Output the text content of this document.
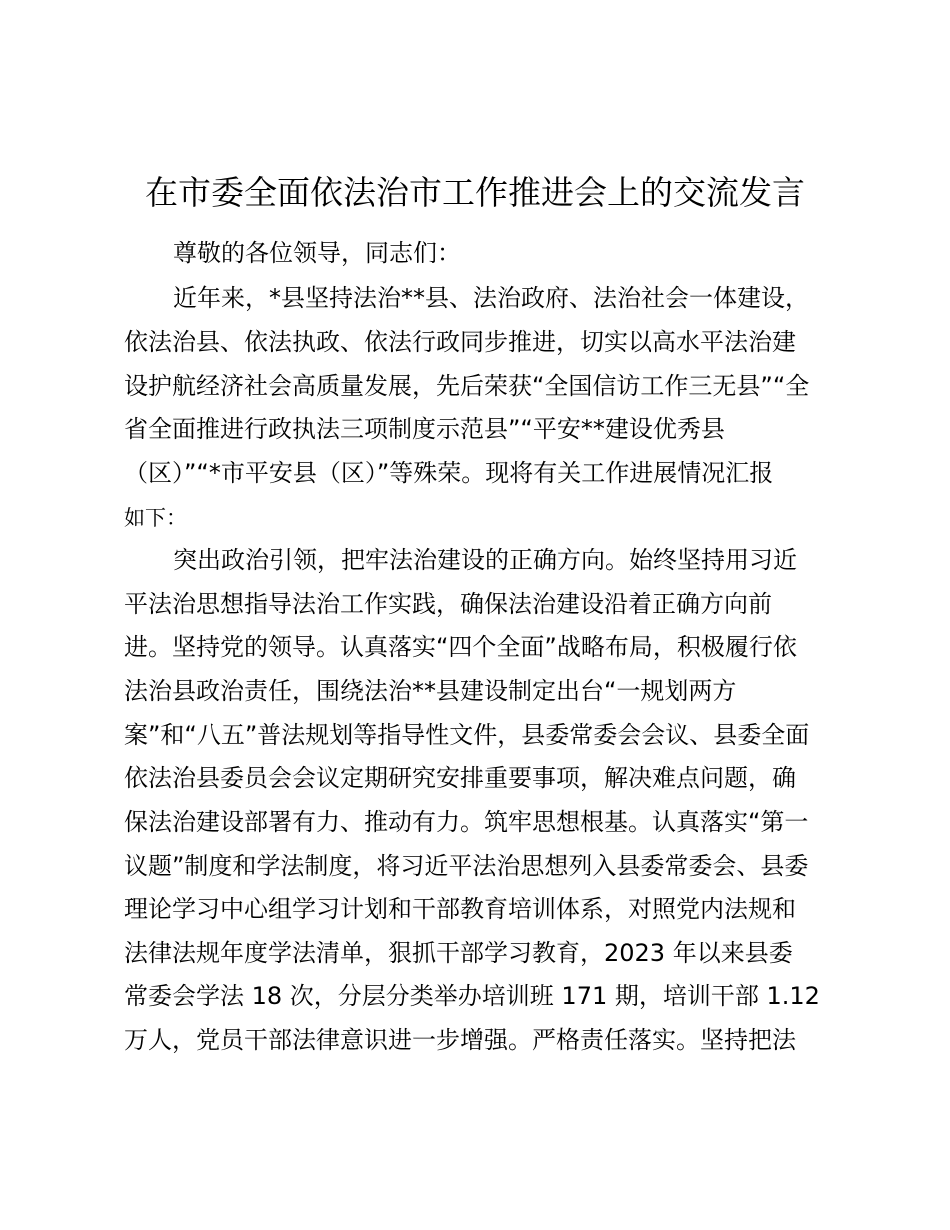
在市委全面依法治市工作推进会上的交流发言
尊敬的各位领导，同志们：
近年来，*县坚持法治**县、法治政府、法治社会一体建设，
依法治县、依法执政、依法行政同步推进，切实以高水平法治建
设护航经济社会高质量发展，先后荣获“全国信访工作三无县”“全
省全面推进行政执法三项制度示范县”“平安**建设优秀县
（区）”“*市平安县（区）”等殊荣。现将有关工作进展情况汇报
如下：
突出政治引领，把牢法治建设的正确方向。始终坚持用习近
平法治思想指导法治工作实践，确保法治建设沿着正确方向前
进。坚持党的领导。认真落实“四个全面”战略布局，积极履行依
法治县政治责任，围绕法治**县建设制定出台“一规划两方
案”和“八五”普法规划等指导性文件，县委常委会会议、县委全面
依法治县委员会会议定期研究安排重要事项，解决难点问题，确
保法治建设部署有力、推动有力。筑牢思想根基。认真落实“第一
议题”制度和学法制度，将习近平法治思想列入县委常委会、县委
理论学习中心组学习计划和干部教育培训体系，对照党内法规和
法律法规年度学法清单，狠抓干部学习教育，2023 年以来县委
常委会学法 18 次，分层分类举办培训班 171 期，培训干部 1.12
万人，党员干部法律意识进一步增强。严格责任落实。坚持把法
